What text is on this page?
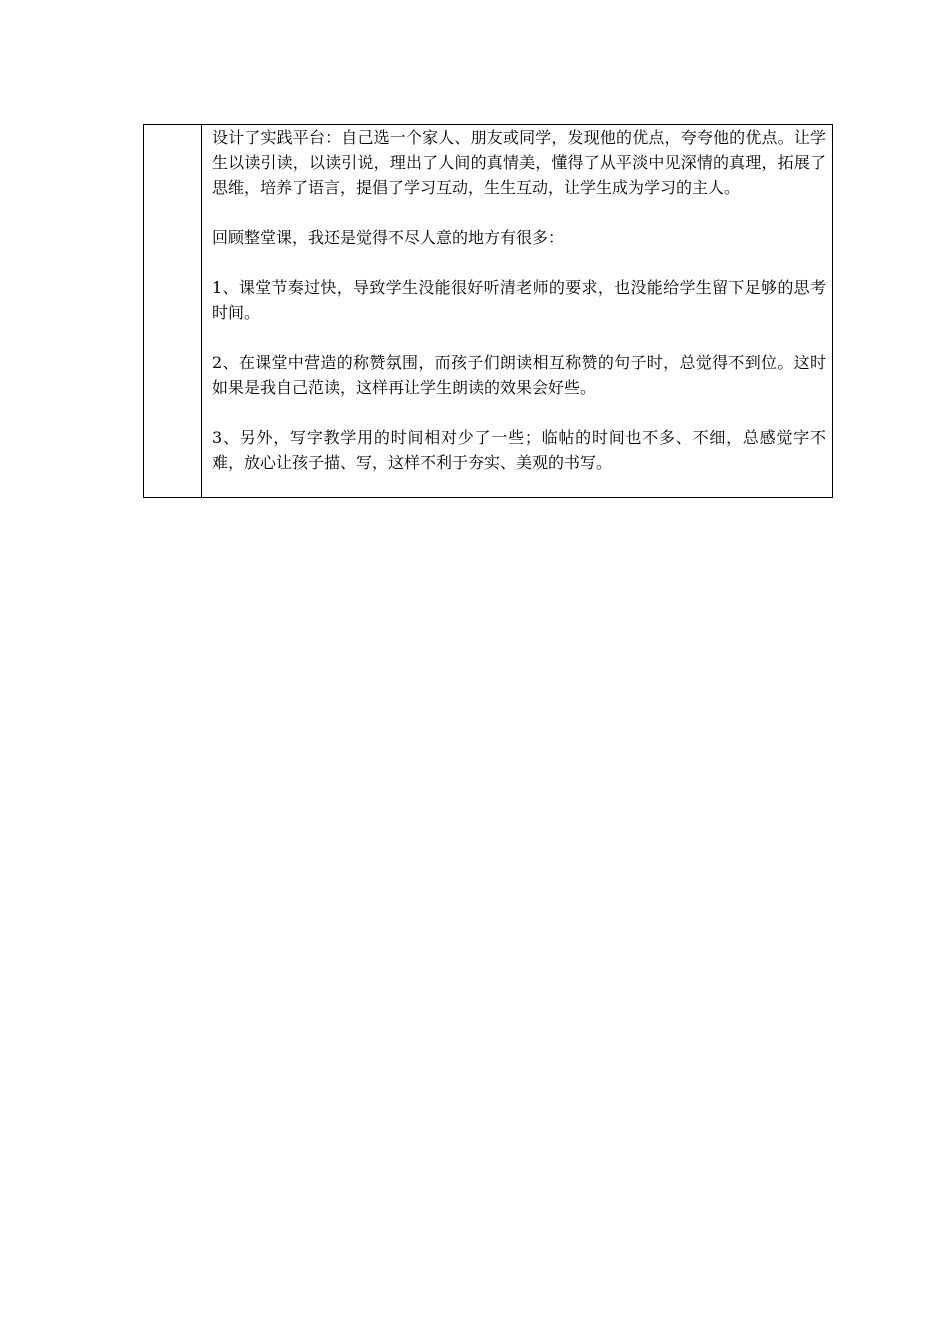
设计了实践平台：自己选一个家人、朋友或同学，发现他的优点，夸夸他的优点。让学生以读引读，以读引说，理出了人间的真情美，懂得了从平淡中见深情的真理，拓展了思维，培养了语言，提倡了学习互动，生生互动，让学生成为学习的主人。

回顾整堂课，我还是觉得不尽人意的地方有很多：

1、课堂节奏过快，导致学生没能很好听清老师的要求，也没能给学生留下足够的思考时间。

2、在课堂中营造的称赞氛围，而孩子们朗读相互称赞的句子时，总觉得不到位。这时如果是我自己范读，这样再让学生朗读的效果会好些。

3、另外，写字教学用的时间相对少了一些；临帖的时间也不多、不细，总感觉字不难，放心让孩子描、写，这样不利于夯实、美观的书写。
